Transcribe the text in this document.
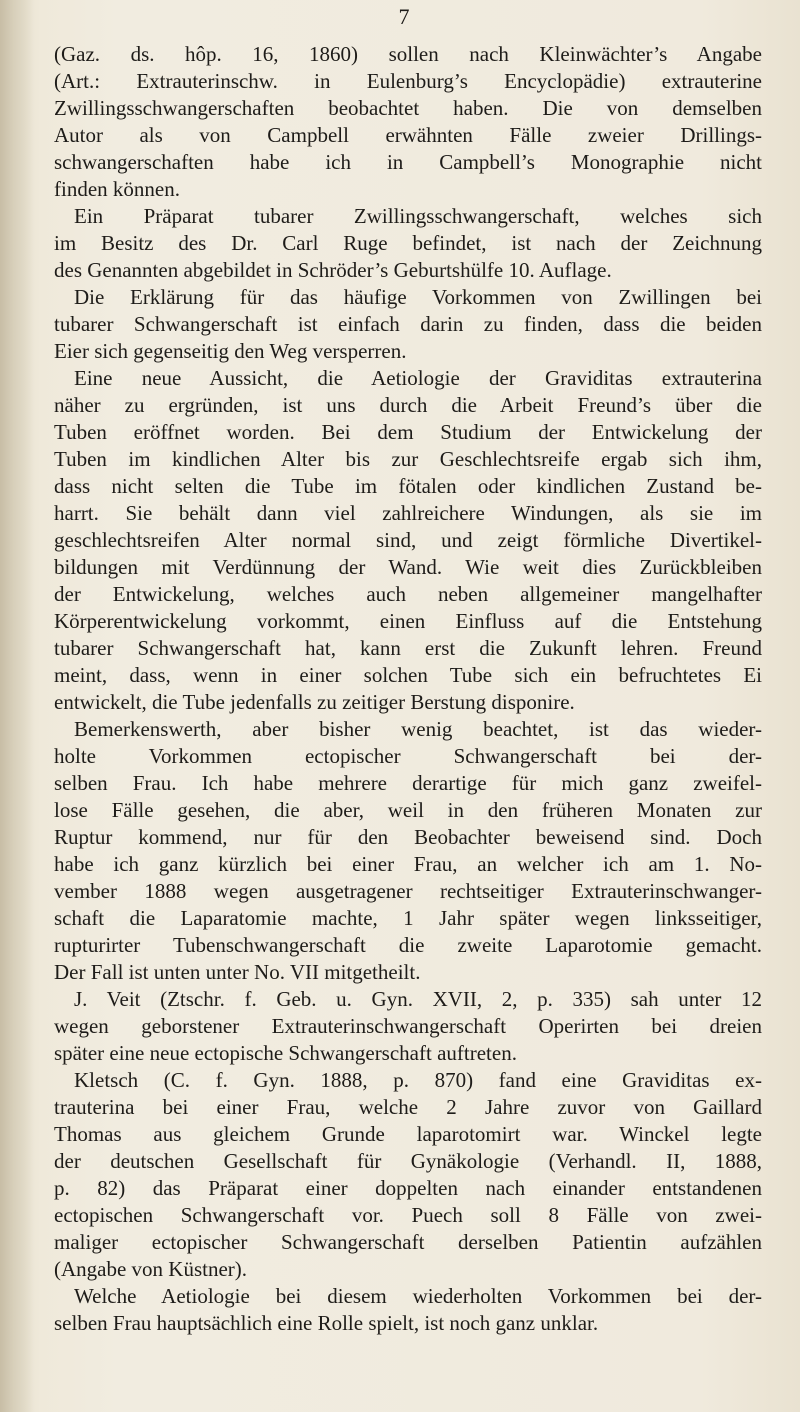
7
(Gaz. ds. hôp. 16, 1860) sollen nach Kleinwächter’s Angabe
(Art.: Extrauterinschw. in Eulenburg’s Encyclopädie) extrauterine
Zwillingsschwangerschaften beobachtet haben. Die von demselben
Autor als von Campbell erwähnten Fälle zweier Drillings-
schwangerschaften habe ich in Campbell’s Monographie nicht
finden können.
Ein Präparat tubarer Zwillingsschwangerschaft, welches sich
im Besitz des Dr. Carl Ruge befindet, ist nach der Zeichnung
des Genannten abgebildet in Schröder’s Geburtshülfe 10. Auflage.
Die Erklärung für das häufige Vorkommen von Zwillingen bei
tubarer Schwangerschaft ist einfach darin zu finden, dass die beiden
Eier sich gegenseitig den Weg versperren.
Eine neue Aussicht, die Aetiologie der Graviditas extrauterina
näher zu ergründen, ist uns durch die Arbeit Freund’s über die
Tuben eröffnet worden. Bei dem Studium der Entwickelung der
Tuben im kindlichen Alter bis zur Geschlechtsreife ergab sich ihm,
dass nicht selten die Tube im fötalen oder kindlichen Zustand be-
harrt. Sie behält dann viel zahlreichere Windungen, als sie im
geschlechtsreifen Alter normal sind, und zeigt förmliche Divertikel-
bildungen mit Verdünnung der Wand. Wie weit dies Zurückbleiben
der Entwickelung, welches auch neben allgemeiner mangelhafter
Körperentwickelung vorkommt, einen Einfluss auf die Entstehung
tubarer Schwangerschaft hat, kann erst die Zukunft lehren. Freund
meint, dass, wenn in einer solchen Tube sich ein befruchtetes Ei
entwickelt, die Tube jedenfalls zu zeitiger Berstung disponire.
Bemerkenswerth, aber bisher wenig beachtet, ist das wieder-
holte Vorkommen ectopischer Schwangerschaft bei der-
selben Frau. Ich habe mehrere derartige für mich ganz zweifel-
lose Fälle gesehen, die aber, weil in den früheren Monaten zur
Ruptur kommend, nur für den Beobachter beweisend sind. Doch
habe ich ganz kürzlich bei einer Frau, an welcher ich am 1. No-
vember 1888 wegen ausgetragener rechtseitiger Extrauterinschwanger-
schaft die Laparatomie machte, 1 Jahr später wegen linksseitiger,
rupturirter Tubenschwangerschaft die zweite Laparotomie gemacht.
Der Fall ist unten unter No. VII mitgetheilt.
J. Veit (Ztschr. f. Geb. u. Gyn. XVII, 2, p. 335) sah unter 12
wegen geborstener Extrauterinschwangerschaft Operirten bei dreien
später eine neue ectopische Schwangerschaft auftreten.
Kletsch (C. f. Gyn. 1888, p. 870) fand eine Graviditas ex-
trauterina bei einer Frau, welche 2 Jahre zuvor von Gaillard
Thomas aus gleichem Grunde laparotomirt war. Winckel legte
der deutschen Gesellschaft für Gynäkologie (Verhandl. II, 1888,
p. 82) das Präparat einer doppelten nach einander entstandenen
ectopischen Schwangerschaft vor. Puech soll 8 Fälle von zwei-
maliger ectopischer Schwangerschaft derselben Patientin aufzählen
(Angabe von Küstner).
Welche Aetiologie bei diesem wiederholten Vorkommen bei der-
selben Frau hauptsächlich eine Rolle spielt, ist noch ganz unklar.
